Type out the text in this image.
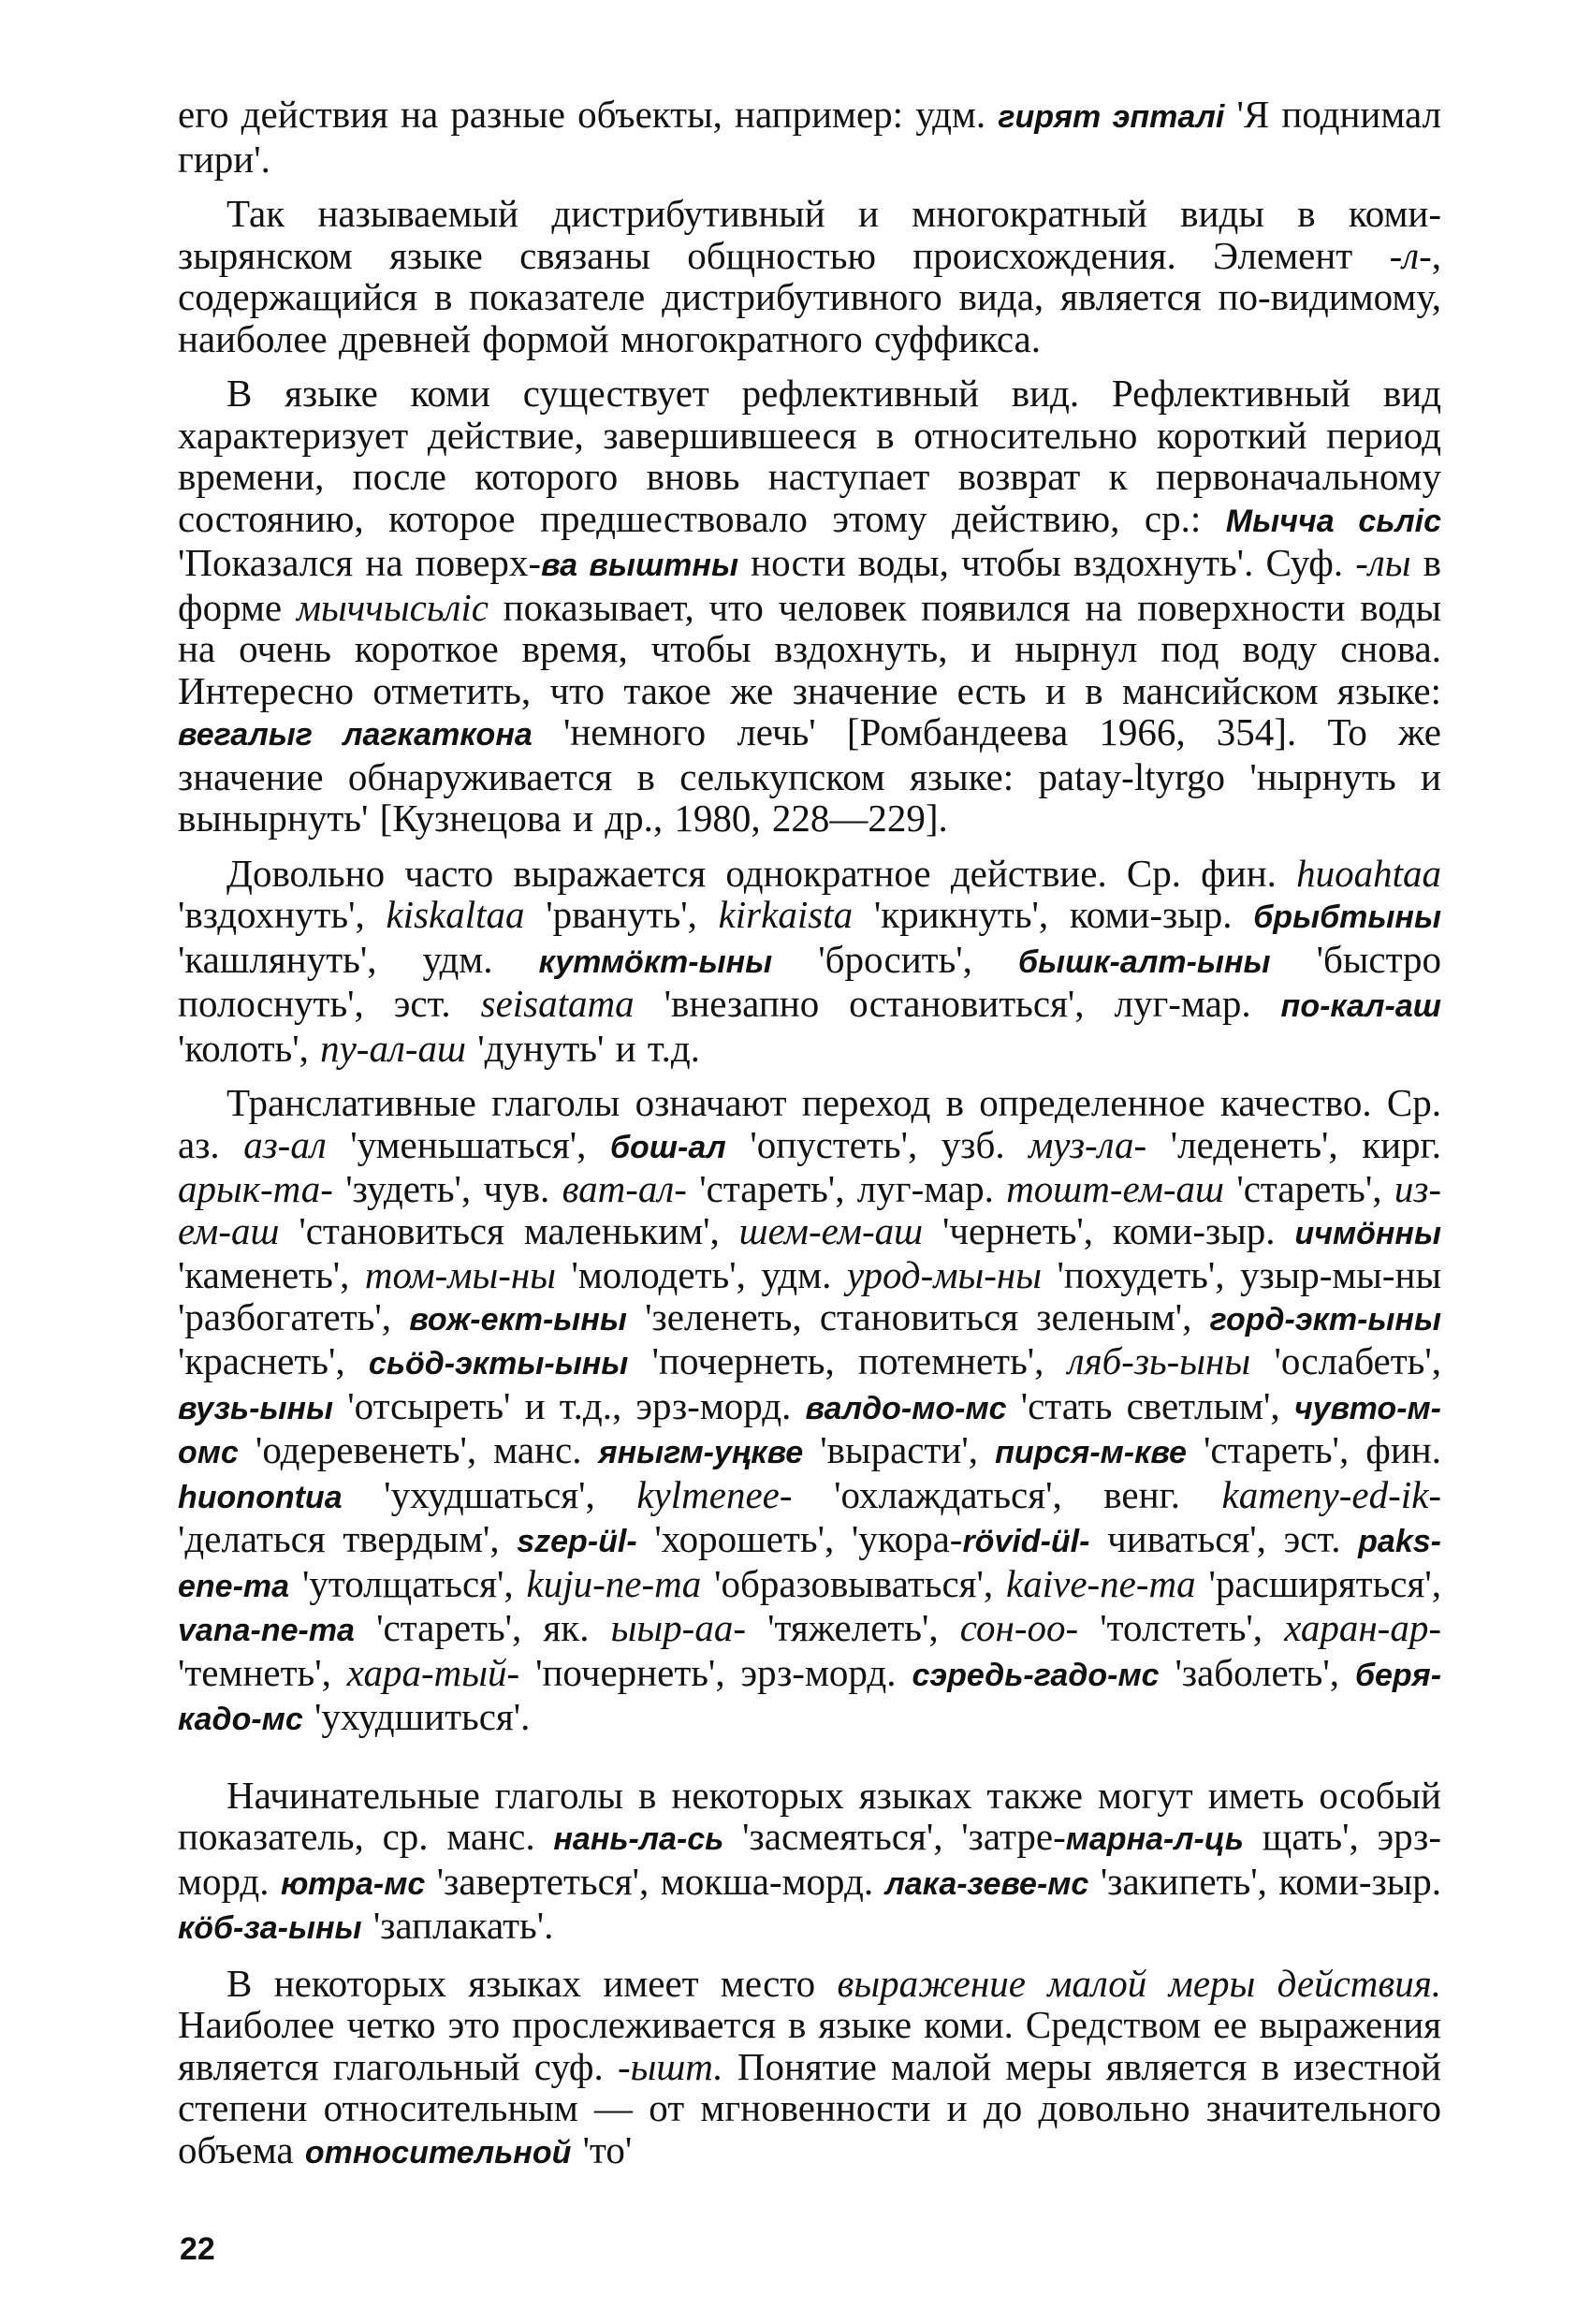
его действия на разные объекты, например: удм. гирят эпталі 'Я поднимал гири'.

Так называемый дистрибутивный и многократный виды в коми-зырянском языке связаны общностью происхождения. Элемент -л-, содержащийся в показателе дистрибутивного вида, является по-видимому, наиболее древней формой многократного суффикса.

В языке коми существует рефлективный вид. Рефлективный вид характеризует действие, завершившееся в относительно короткий период времени, после которого вновь наступает возврат к первоначальному состоянию, которое предшествовало этому действию, ср.: Мычча сьлiс 'Показался на поверх-ва выштны ности воды, чтобы вздохнуть'. Суф. -лы в форме мыччысьлiс показывает, что человек появился на поверхности воды на очень короткое время, чтобы вздохнуть, и нырнул под воду снова. Интересно отметить, что такое же значение есть и в мансийском языке: вегалыг лагкаткона 'немного лечь' [Ромбандеева 1966, 354]. То же значение обнаруживается в селькупском языке: patay-ltyrgo 'нырнуть и вынырнуть' [Кузнецова и др., 1980, 228—229].

Довольно часто выражается однократное действие. Ср. фин. huoahtaa 'вздохнуть', kiskaltaa 'рвануть', kirkaista 'крикнуть', коми-зыр. брыбтыны 'кашлянуть', удм. кутмöкт-ыны 'бросить', бышк-алт-ыны 'быстро полоснуть', эст. seisatama 'внезапно остановиться', луг-мар. по-кал-аш 'колоть', пу-ал-аш 'дунуть' и т.д.

Транслативные глаголы означают переход в определенное качество. Ср. аз. аз-ал 'уменьшаться', бош-ал 'опустеть', узб. муз-ла- 'леденеть', кирг. арык-та- 'зудеть', чув. ват-ал- 'стареть', луг-мар. тошт-ем-аш 'стареть', из-ем-аш 'становиться маленьким', шем-ем-аш 'чернеть', коми-зыр. ичмöнны 'каменеть', том-мы-ны 'молодеть', удм. урод-мы-ны 'похудеть', узыр-мы-ны 'разбогатеть', вож-ект-ыны 'зеленеть, становиться зеленым', горд-экт-ыны 'краснеть', сьöд-экты-ыны 'почернеть, потемнеть', ляб-зь-ыны 'ослабеть', вузь-ыны 'отсыреть' и т.д., эрз-морд. валдо-мо-мс 'стать светлым', чувто-м-омс 'одеревенеть', манс. яныгм-уңкве 'вырасти', пирся-м-кве 'стареть', фин. huonontua 'ухудшаться', kylmenee- 'охлаждаться', венг. kameny-ed-ik- 'делаться твердым', szep-ül- 'хорошеть', 'укора-rövid-ül- чиваться', эст. paks-ene-ma 'утолщаться', kuju-ne-ma 'образовываться', kaive-ne-ma 'расширяться', vana-ne-ma 'стареть', як. ыыр-аа- 'тяжелеть', сон-оо- 'толстеть', харан-ар- 'темнеть', хара-тый- 'почернеть', эрз-морд. сэредь-гадо-мс 'заболеть', беря-кадо-мс 'ухудшиться'.

Начинательные глаголы в некоторых языках также могут иметь особый показатель, ср. манс. нань-ла-сь 'засмеяться', 'затре-марна-л-ць щать', эрз-морд. ютра-мс 'завертеться', мокша-морд. лака-зеве-мс 'закипеть', коми-зыр. кöб-за-ыны 'заплакать'.

В некоторых языках имеет место выражение малой меры действия. Наиболее четко это прослеживается в языке коми. Средством ее выражения является глагольный суф. -ышт. Понятие малой меры является в изестной степени относительным — от мгновенности и до довольно значительного объема относительной 'то'

22
